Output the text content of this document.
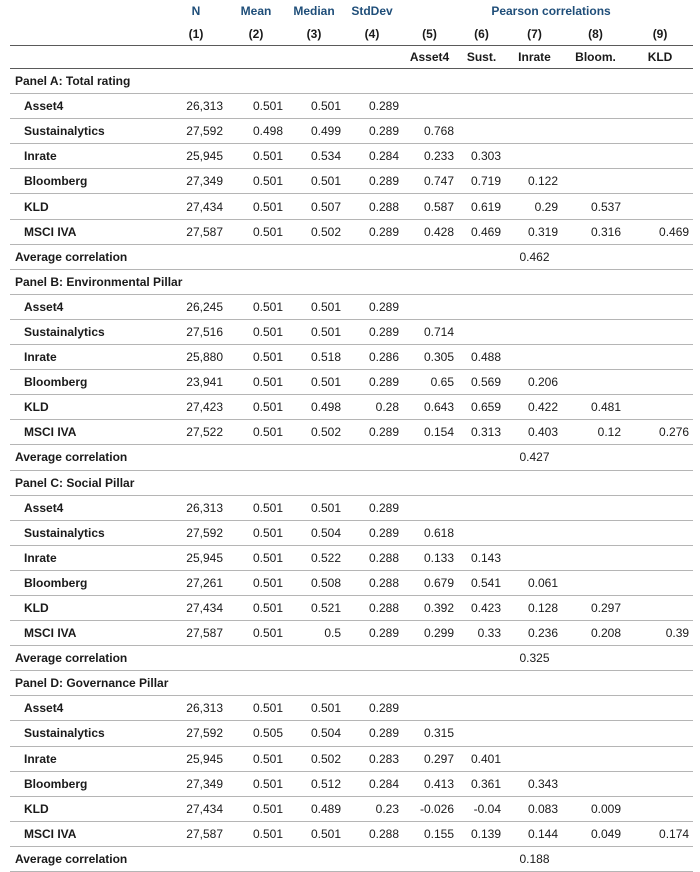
	N	Mean	Median	StdDev	Pearson correlations				
	(1)	(2)	(3)	(4)	(5)	(6)	(7)	(8)	(9)
					Asset4	Sust.	Inrate	Bloom.	KLD
Panel A: Total rating									
Asset4	26,313	0.501	0.501	0.289					
Sustainalytics	27,592	0.498	0.499	0.289	0.768				
Inrate	25,945	0.501	0.534	0.284	0.233	0.303			
Bloomberg	27,349	0.501	0.501	0.289	0.747	0.719	0.122		
KLD	27,434	0.501	0.507	0.288	0.587	0.619	0.29	0.537	
MSCI IVA	27,587	0.501	0.502	0.289	0.428	0.469	0.319	0.316	0.469
Average correlation							0.462		
Panel B: Environmental Pillar									
Asset4	26,245	0.501	0.501	0.289					
Sustainalytics	27,516	0.501	0.501	0.289	0.714				
Inrate	25,880	0.501	0.518	0.286	0.305	0.488			
Bloomberg	23,941	0.501	0.501	0.289	0.65	0.569	0.206		
KLD	27,423	0.501	0.498	0.28	0.643	0.659	0.422	0.481	
MSCI IVA	27,522	0.501	0.502	0.289	0.154	0.313	0.403	0.12	0.276
Average correlation							0.427		
Panel C: Social Pillar									
Asset4	26,313	0.501	0.501	0.289					
Sustainalytics	27,592	0.501	0.504	0.289	0.618				
Inrate	25,945	0.501	0.522	0.288	0.133	0.143			
Bloomberg	27,261	0.501	0.508	0.288	0.679	0.541	0.061		
KLD	27,434	0.501	0.521	0.288	0.392	0.423	0.128	0.297	
MSCI IVA	27,587	0.501	0.5	0.289	0.299	0.33	0.236	0.208	0.39
Average correlation							0.325		
Panel D: Governance Pillar									
Asset4	26,313	0.501	0.501	0.289					
Sustainalytics	27,592	0.505	0.504	0.289	0.315				
Inrate	25,945	0.501	0.502	0.283	0.297	0.401			
Bloomberg	27,349	0.501	0.512	0.284	0.413	0.361	0.343		
KLD	27,434	0.501	0.489	0.23	-0.026	-0.04	0.083	0.009	
MSCI IVA	27,587	0.501	0.501	0.288	0.155	0.139	0.144	0.049	0.174
Average correlation							0.188		
